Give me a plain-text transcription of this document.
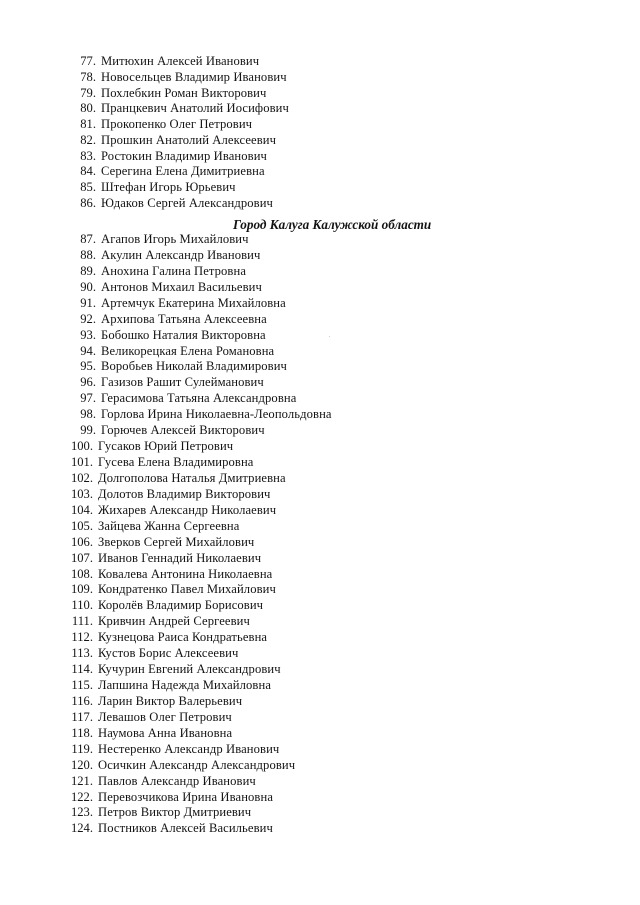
77. Митюхин Алексей Иванович
78. Новосельцев Владимир Иванович
79. Похлебкин Роман Викторович
80. Пранцкевич Анатолий Иосифович
81. Прокопенко Олег Петрович
82. Прошкин Анатолий Алексеевич
83. Ростокин Владимир Иванович
84. Серегина Елена Димитриевна
85. Штефан Игорь Юрьевич
86. Юдаков Сергей Александрович
Город Калуга Калужской области
87. Агапов Игорь Михайлович
88. Акулин Александр Иванович
89. Анохина Галина Петровна
90. Антонов Михаил Васильевич
91. Артемчук Екатерина Михайловна
92. Архипова Татьяна Алексеевна
93. Бобошко Наталия Викторовна
94. Великорецкая Елена Романовна
95. Воробьев Николай Владимирович
96. Газизов Рашит Сулейманович
97. Герасимова Татьяна Александровна
98. Горлова Ирина Николаевна-Леопольдовна
99. Горючев Алексей Викторович
100. Гусаков Юрий Петрович
101. Гусева Елена Владимировна
102. Долгополова Наталья Дмитриевна
103. Долотов Владимир Викторович
104. Жихарев Александр Николаевич
105. Зайцева Жанна Сергеевна
106. Зверков Сергей Михайлович
107. Иванов Геннадий Николаевич
108. Ковалева Антонина Николаевна
109. Кондратенко Павел Михайлович
110. Королёв Владимир Борисович
111. Кривчин Андрей Сергеевич
112. Кузнецова Раиса Кондратьевна
113. Кустов Борис Алексеевич
114. Кучурин Евгений Александрович
115. Лапшина Надежда Михайловна
116. Ларин Виктор Валерьевич
117. Левашов Олег Петрович
118. Наумова Анна Ивановна
119. Нестеренко Александр Иванович
120. Осичкин Александр Александрович
121. Павлов Александр Иванович
122. Перевозчикова Ирина Ивановна
123. Петров Виктор Дмитриевич
124. Постников Алексей Васильевич
